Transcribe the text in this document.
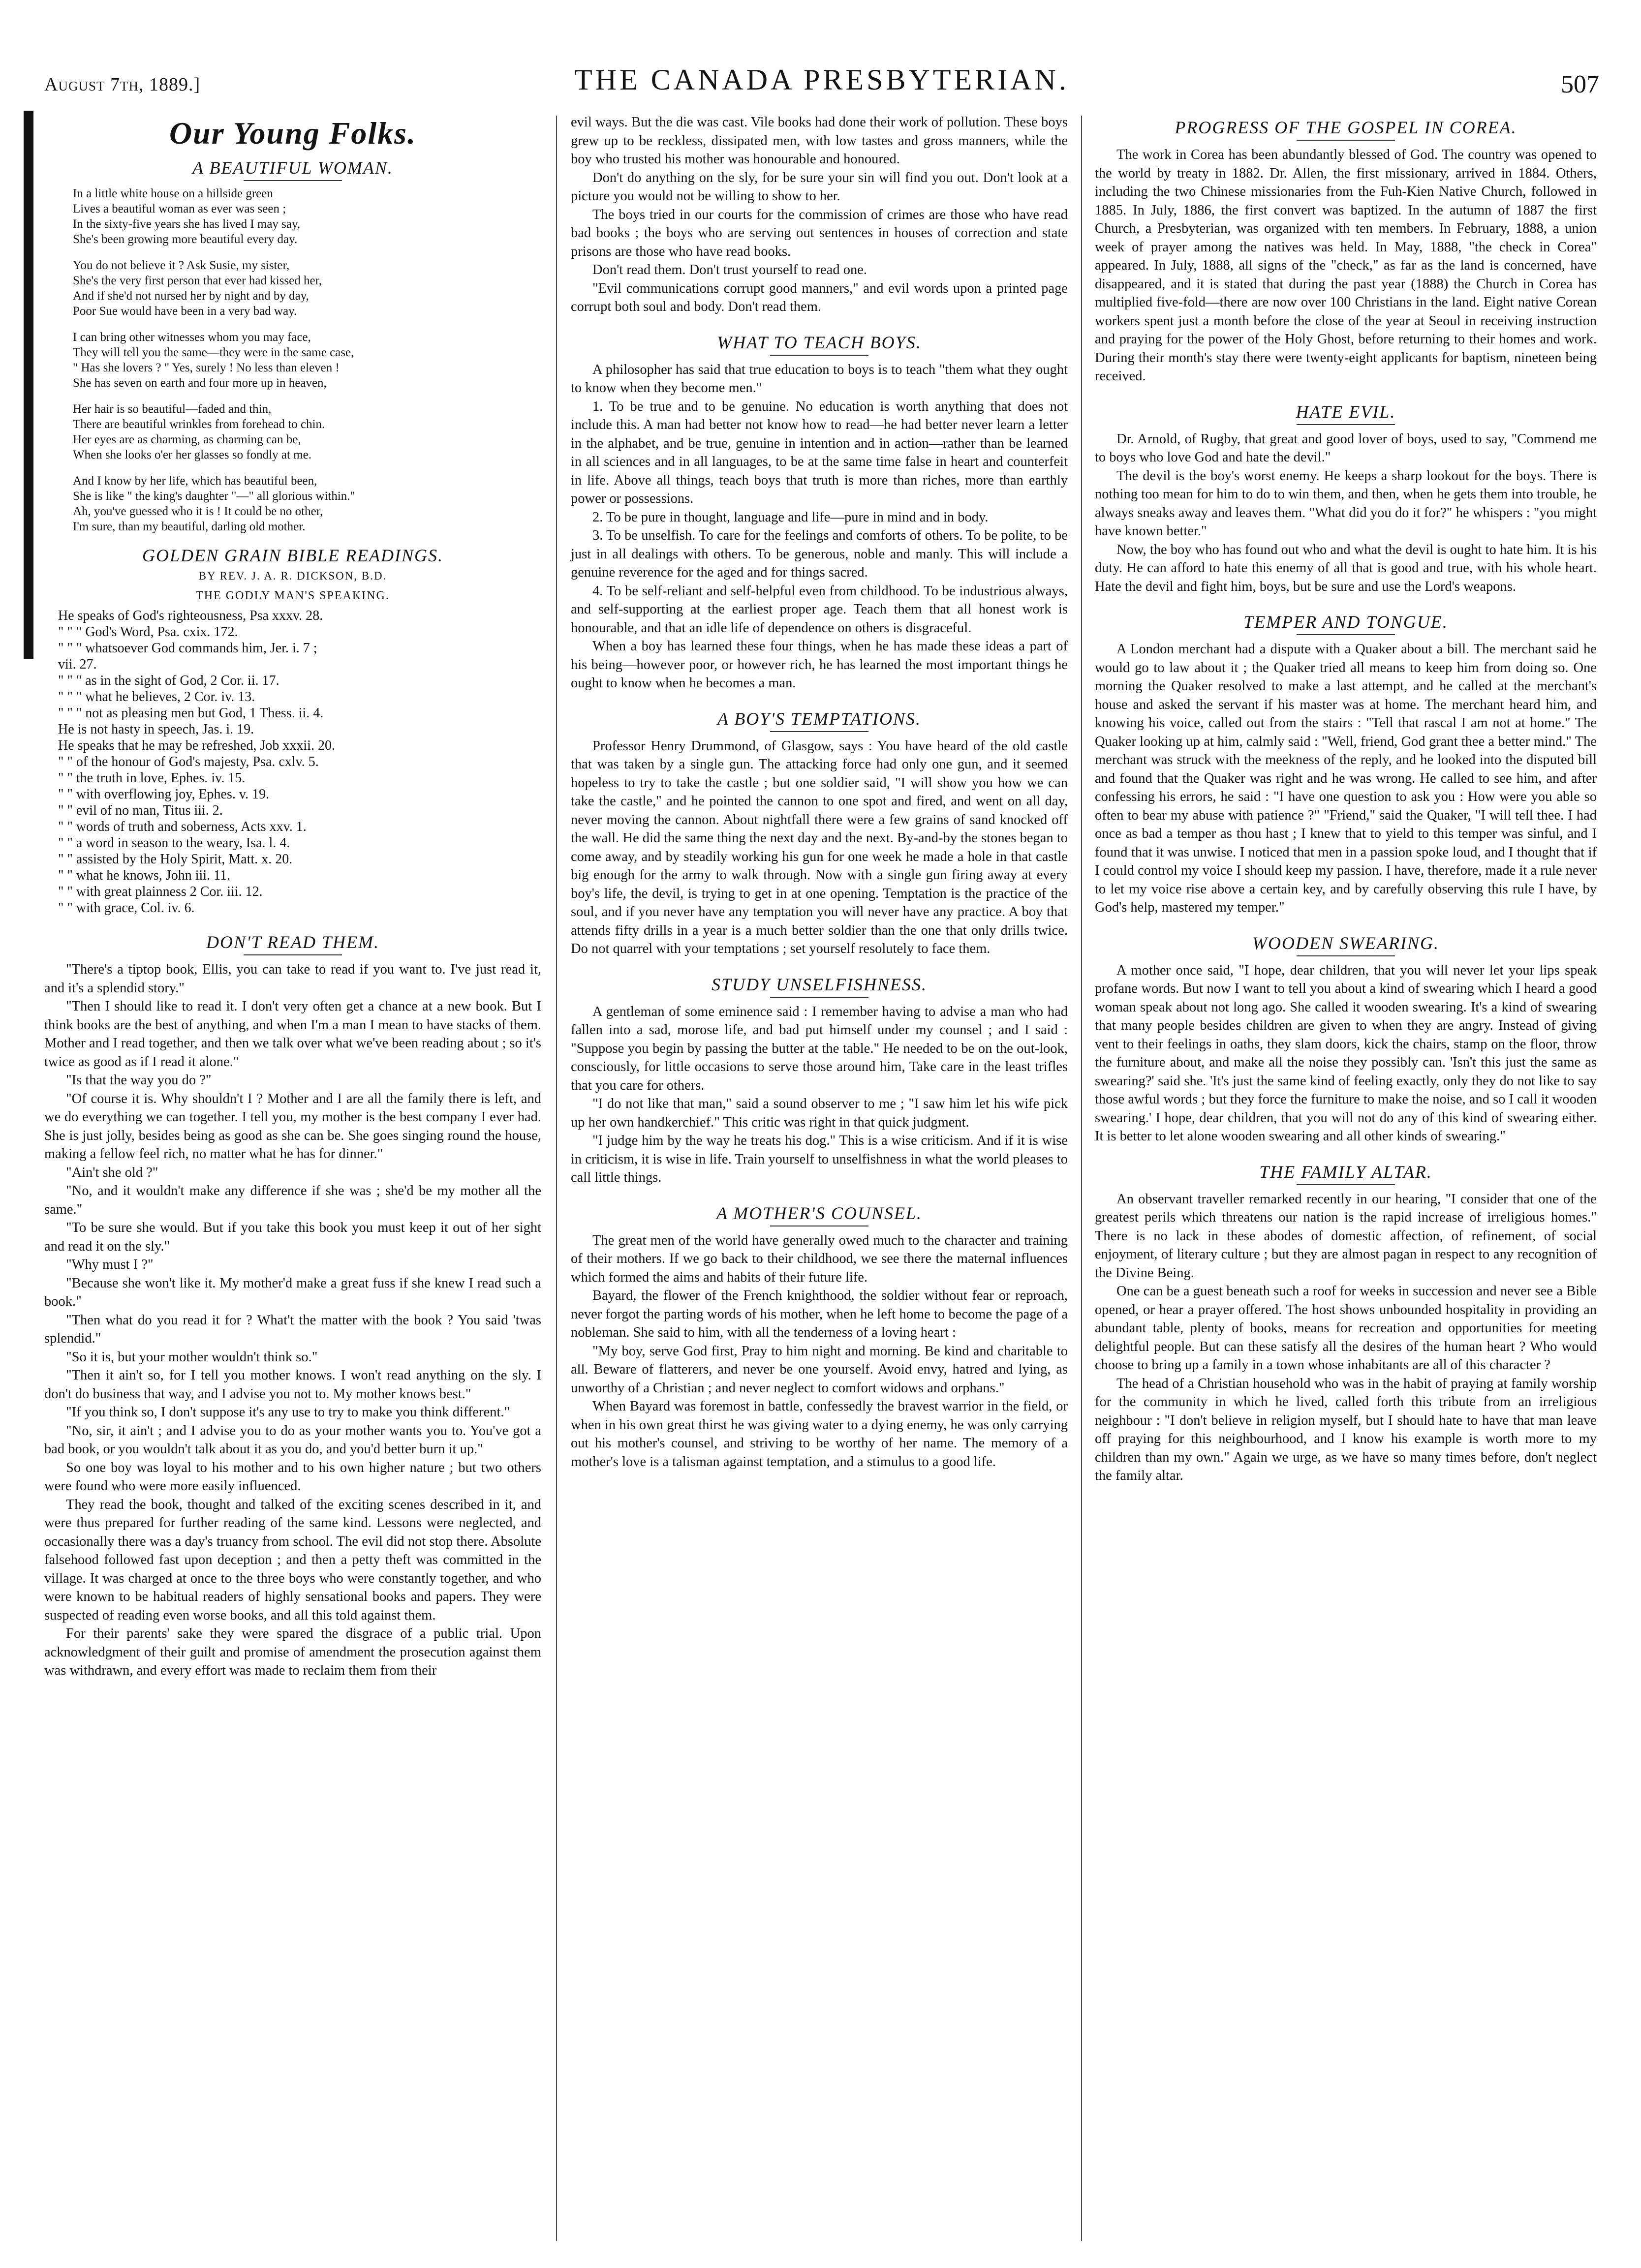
August 7th, 1889.]	THE CANADA PRESBYTERIAN.	507
Our Young Folks.
A BEAUTIFUL WOMAN.
In a little white house on a hillside green
Lives a beautiful woman as ever was seen ;
In the sixty-five years she has lived I may say,
She's been growing more beautiful every day.
You do not believe it ? Ask Susie, my sister,
She's the very first person that ever had kissed her,
And if she'd not nursed her by night and by day,
Poor Sue would have been in a very bad way.
I can bring other witnesses whom you may face,
They will tell you the same—they were in the same case,
" Has she lovers ? " Yes, surely ! No less than eleven !
She has seven on earth and four more up in heaven,
Her hair is so beautiful—faded and thin,
There are beautiful wrinkles from forehead to chin.
Her eyes are as charming, as charming can be,
When she looks o'er her glasses so fondly at me.
And I know by her life, which has beautiful been,
She is like " the king's daughter "—" all glorious within."
Ah, you've guessed who it is ! It could be no other,
I'm sure, than my beautiful, darling old mother.
GOLDEN GRAIN BIBLE READINGS.
BY REV. J. A. R. DICKSON, B.D.
THE GODLY MAN'S SPEAKING.
He speaks of God's righteousness, Psa xxxv. 28.
" " " God's Word, Psa. cxix. 172.
" " " whatsoever God commands him, Jer. i. 7 ;
vii. 27.
" " " as in the sight of God, 2 Cor. ii. 17.
" " " what he believes, 2 Cor. iv. 13.
" " " not as pleasing men but God, 1 Thess. ii. 4.
He is not hasty in speech, Jas. i. 19.
He speaks that he may be refreshed, Job xxxii. 20.
" " of the honour of God's majesty, Psa. cxlv. 5.
" " the truth in love, Ephes. iv. 15.
" " with overflowing joy, Ephes. v. 19.
" " evil of no man, Titus iii. 2.
" " words of truth and soberness, Acts xxv. 1.
" " a word in season to the weary, Isa. l. 4.
" " assisted by the Holy Spirit, Matt. x. 20.
" " what he knows, John iii. 11.
" " with great plainness 2 Cor. iii. 12.
" " with grace, Col. iv. 6.
DON'T READ THEM.

"There's a tiptop book, Ellis, you can take to read if you want to. I've just read it, and it's a splendid story."

"Then I should like to read it. I don't very often get a chance at a new book. But I think books are the best of anything, and when I'm a man I mean to have stacks of them. Mother and I read together, and then we talk over what we've been reading about ; so it's twice as good as if I read it alone."

"Is that the way you do ?"

"Of course it is. Why shouldn't I ? Mother and I are all the family there is left, and we do everything we can together. I tell you, my mother is the best company I ever had. She is just jolly, besides being as good as she can be. She goes singing round the house, making a fellow feel rich, no matter what he has for dinner."

"Ain't she old ?"

"No, and it wouldn't make any difference if she was ; she'd be my mother all the same."

"To be sure she would. But if you take this book you must keep it out of her sight and read it on the sly."

"Why must I ?"

"Because she won't like it. My mother'd make a great fuss if she knew I read such a book."

"Then what do you read it for ? What't the matter with the book ? You said 'twas splendid."

"So it is, but your mother wouldn't think so."

"Then it ain't so, for I tell you mother knows. I won't read anything on the sly. I don't do business that way, and I advise you not to. My mother knows best."

"If you think so, I don't suppose it's any use to try to make you think different."

"No, sir, it ain't ; and I advise you to do as your mother wants you to. You've got a bad book, or you wouldn't talk about it as you do, and you'd better burn it up."

So one boy was loyal to his mother and to his own higher nature ; but two others were found who were more easily influenced.

They read the book, thought and talked of the exciting scenes described in it, and were thus prepared for further reading of the same kind. Lessons were neglected, and occasionally there was a day's truancy from school. The evil did not stop there. Absolute falsehood followed fast upon deception ; and then a petty theft was committed in the village. It was charged at once to the three boys who were constantly together, and who were known to be habitual readers of highly sensational books and papers. They were suspected of reading even worse books, and all this told against them.

For their parents' sake they were spared the disgrace of a public trial. Upon acknowledgment of their guilt and promise of amendment the prosecution against them was withdrawn, and every effort was made to reclaim them from their

evil ways. But the die was cast. Vile books had done their work of pollution. These boys grew up to be reckless, dissipated men, with low tastes and gross manners, while the boy who trusted his mother was honourable and honoured.

Don't do anything on the sly, for be sure your sin will find you out. Don't look at a picture you would not be willing to show to her.

The boys tried in our courts for the commission of crimes are those who have read bad books ; the boys who are serving out sentences in houses of correction and state prisons are those who have read books.

Don't read them. Don't trust yourself to read one.

"Evil communications corrupt good manners," and evil words upon a printed page corrupt both soul and body. Don't read them.

WHAT TO TEACH BOYS.

A philosopher has said that true education to boys is to teach "them what they ought to know when they become men."

1. To be true and to be genuine. No education is worth anything that does not include this. A man had better not know how to read—he had better never learn a letter in the alphabet, and be true, genuine in intention and in action—rather than be learned in all sciences and in all languages, to be at the same time false in heart and counterfeit in life. Above all things, teach boys that truth is more than riches, more than earthly power or possessions.

2. To be pure in thought, language and life—pure in mind and in body.

3. To be unselfish. To care for the feelings and comforts of others. To be polite, to be just in all dealings with others. To be generous, noble and manly. This will include a genuine reverence for the aged and for things sacred.

4. To be self-reliant and self-helpful even from childhood. To be industrious always, and self-supporting at the earliest proper age. Teach them that all honest work is honourable, and that an idle life of dependence on others is disgraceful.

When a boy has learned these four things, when he has made these ideas a part of his being—however poor, or however rich, he has learned the most important things he ought to know when he becomes a man.

A BOY'S TEMPTATIONS.

Professor Henry Drummond, of Glasgow, says : You have heard of the old castle that was taken by a single gun. The attacking force had only one gun, and it seemed hopeless to try to take the castle ; but one soldier said, "I will show you how we can take the castle," and he pointed the cannon to one spot and fired, and went on all day, never moving the cannon. About nightfall there were a few grains of sand knocked off the wall. He did the same thing the next day and the next. By-and-by the stones began to come away, and by steadily working his gun for one week he made a hole in that castle big enough for the army to walk through. Now with a single gun firing away at every boy's life, the devil, is trying to get in at one opening. Temptation is the practice of the soul, and if you never have any temptation you will never have any practice. A boy that attends fifty drills in a year is a much better soldier than the one that only drills twice. Do not quarrel with your temptations ; set yourself resolutely to face them.

STUDY UNSELFISHNESS.

A gentleman of some eminence said : I remember having to advise a man who had fallen into a sad, morose life, and bad put himself under my counsel ; and I said : "Suppose you begin by passing the butter at the table." He needed to be on the out-look, consciously, for little occasions to serve those around him, Take care in the least trifles that you care for others.

"I do not like that man," said a sound observer to me ; "I saw him let his wife pick up her own handkerchief." This critic was right in that quick judgment.

"I judge him by the way he treats his dog." This is a wise criticism. And if it is wise in criticism, it is wise in life. Train yourself to unselfishness in what the world pleases to call little things.

A MOTHER'S COUNSEL.

The great men of the world have generally owed much to the character and training of their mothers. If we go back to their childhood, we see there the maternal influences which formed the aims and habits of their future life.

Bayard, the flower of the French knighthood, the soldier without fear or reproach, never forgot the parting words of his mother, when he left home to become the page of a nobleman. She said to him, with all the tenderness of a loving heart :

"My boy, serve God first, Pray to him night and morning. Be kind and charitable to all. Beware of flatterers, and never be one yourself. Avoid envy, hatred and lying, as unworthy of a Christian ; and never neglect to comfort widows and orphans."

When Bayard was foremost in battle, confessedly the bravest warrior in the field, or when in his own great thirst he was giving water to a dying enemy, he was only carrying out his mother's counsel, and striving to be worthy of her name. The memory of a mother's love is a talisman against temptation, and a stimulus to a good life.

PROGRESS OF THE GOSPEL IN COREA.

The work in Corea has been abundantly blessed of God. The country was opened to the world by treaty in 1882. Dr. Allen, the first missionary, arrived in 1884. Others, including the two Chinese missionaries from the Fuh-Kien Native Church, followed in 1885. In July, 1886, the first convert was baptized. In the autumn of 1887 the first Church, a Presbyterian, was organized with ten members. In February, 1888, a union week of prayer among the natives was held. In May, 1888, "the check in Corea" appeared. In July, 1888, all signs of the "check," as far as the land is concerned, have disappeared, and it is stated that during the past year (1888) the Church in Corea has multiplied five-fold—there are now over 100 Christians in the land. Eight native Corean workers spent just a month before the close of the year at Seoul in receiving instruction and praying for the power of the Holy Ghost, before returning to their homes and work. During their month's stay there were twenty-eight applicants for baptism, nineteen being received.

HATE EVIL.

Dr. Arnold, of Rugby, that great and good lover of boys, used to say, "Commend me to boys who love God and hate the devil."

The devil is the boy's worst enemy. He keeps a sharp lookout for the boys. There is nothing too mean for him to do to win them, and then, when he gets them into trouble, he always sneaks away and leaves them. "What did you do it for?" he whispers : "you might have known better."

Now, the boy who has found out who and what the devil is ought to hate him. It is his duty. He can afford to hate this enemy of all that is good and true, with his whole heart. Hate the devil and fight him, boys, but be sure and use the Lord's weapons.

TEMPER AND TONGUE.

A London merchant had a dispute with a Quaker about a bill. The merchant said he would go to law about it ; the Quaker tried all means to keep him from doing so. One morning the Quaker resolved to make a last attempt, and he called at the merchant's house and asked the servant if his master was at home. The merchant heard him, and knowing his voice, called out from the stairs : "Tell that rascal I am not at home." The Quaker looking up at him, calmly said : "Well, friend, God grant thee a better mind." The merchant was struck with the meekness of the reply, and he looked into the disputed bill and found that the Quaker was right and he was wrong. He called to see him, and after confessing his errors, he said : "I have one question to ask you : How were you able so often to bear my abuse with patience ?" "Friend," said the Quaker, "I will tell thee. I had once as bad a temper as thou hast ; I knew that to yield to this temper was sinful, and I found that it was unwise. I noticed that men in a passion spoke loud, and I thought that if I could control my voice I should keep my passion. I have, therefore, made it a rule never to let my voice rise above a certain key, and by carefully observing this rule I have, by God's help, mastered my temper."

WOODEN SWEARING.

A mother once said, "I hope, dear children, that you will never let your lips speak profane words. But now I want to tell you about a kind of swearing which I heard a good woman speak about not long ago. She called it wooden swearing. It's a kind of swearing that many people besides children are given to when they are angry. Instead of giving vent to their feelings in oaths, they slam doors, kick the chairs, stamp on the floor, throw the furniture about, and make all the noise they possibly can. 'Isn't this just the same as swearing?' said she. 'It's just the same kind of feeling exactly, only they do not like to say those awful words ; but they force the furniture to make the noise, and so I call it wooden swearing.' I hope, dear children, that you will not do any of this kind of swearing either. It is better to let alone wooden swearing and all other kinds of swearing."

THE FAMILY ALTAR.

An observant traveller remarked recently in our hearing, "I consider that one of the greatest perils which threatens our nation is the rapid increase of irreligious homes." There is no lack in these abodes of domestic affection, of refinement, of social enjoyment, of literary culture ; but they are almost pagan in respect to any recognition of the Divine Being.

One can be a guest beneath such a roof for weeks in succession and never see a Bible opened, or hear a prayer offered. The host shows unbounded hospitality in providing an abundant table, plenty of books, means for recreation and opportunities for meeting delightful people. But can these satisfy all the desires of the human heart ? Who would choose to bring up a family in a town whose inhabitants are all of this character ?

The head of a Christian household who was in the habit of praying at family worship for the community in which he lived, called forth this tribute from an irreligious neighbour : "I don't believe in religion myself, but I should hate to have that man leave off praying for this neighbourhood, and I know his example is worth more to my children than my own." Again we urge, as we have so many times before, don't neglect the family altar.
